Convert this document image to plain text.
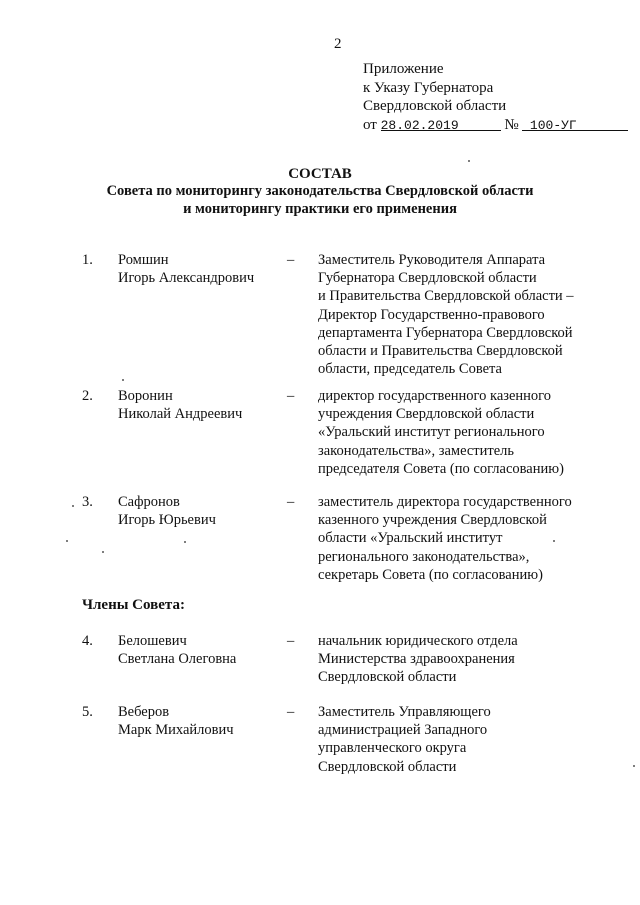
2
Приложение
к Указу Губернатора
Свердловской области
от 28.02.2019	№ 100-УГ
СОСТАВ
Совета по мониторингу законодательства Свердловской области
и мониторингу практики его применения
1. Ромшин
Игорь Александрович
– Заместитель Руководителя Аппарата
Губернатора Свердловской области
и Правительства Свердловской области –
Директор Государственно-правового
департамента Губернатора Свердловской
области и Правительства Свердловской
области, председатель Совета
2. Воронин
Николай Андреевич
– директор государственного казенного
учреждения Свердловской области
«Уральский институт регионального
законодательства», заместитель
председателя Совета (по согласованию)
3. Сафронов
Игорь Юрьевич
– заместитель директора государственного
казенного учреждения Свердловской
области «Уральский институт
регионального законодательства»,
секретарь Совета (по согласованию)
Члены Совета:
4. Белошевич
Светлана Олеговна
– начальник юридического отдела
Министерства здравоохранения
Свердловской области
5. Веберов
Марк Михайлович
– Заместитель Управляющего
администрацией Западного
управленческого округа
Свердловской области
